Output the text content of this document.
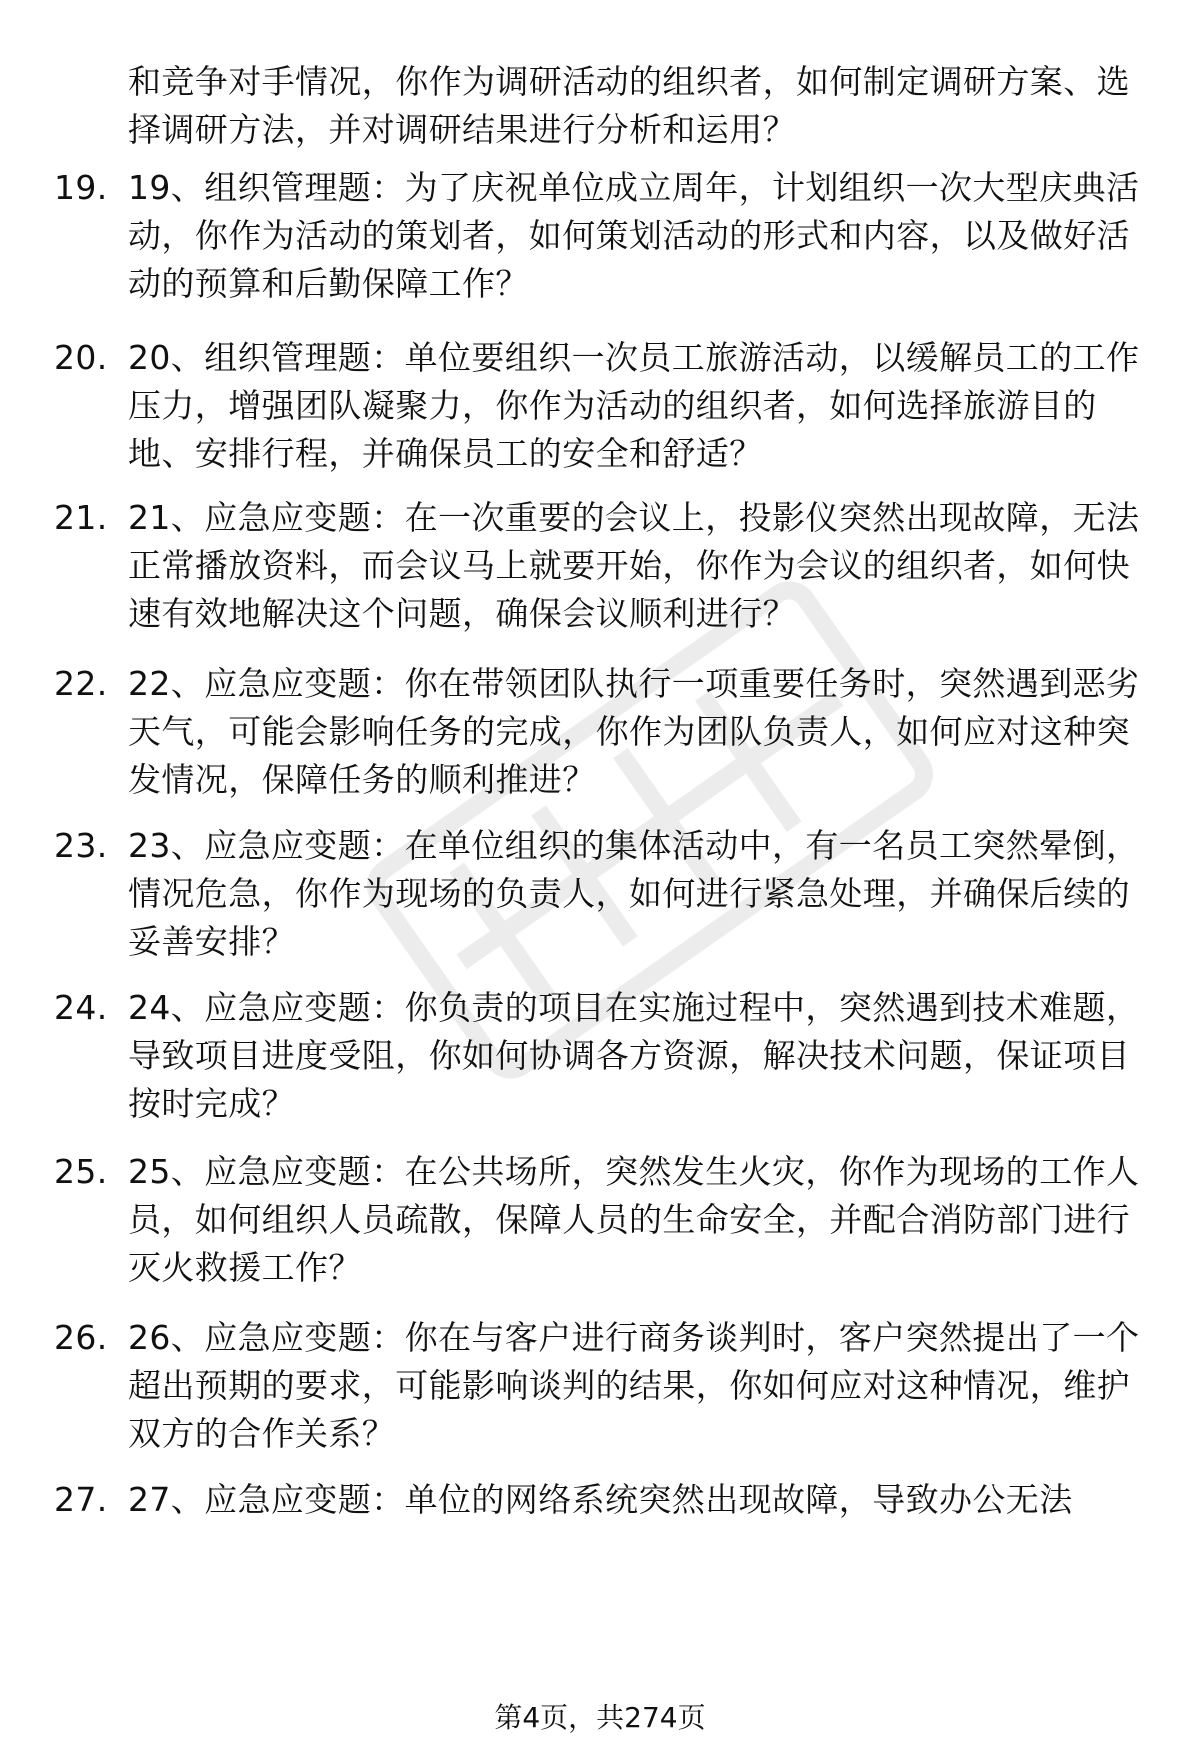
和竞争对手情况，你作为调研活动的组织者，如何制定调研方案、选择调研方法，并对调研结果进行分析和运用？
19. 19、组织管理题：为了庆祝单位成立周年，计划组织一次大型庆典活动，你作为活动的策划者，如何策划活动的形式和内容，以及做好活动的预算和后勤保障工作？
20. 20、组织管理题：单位要组织一次员工旅游活动，以缓解员工的工作压力，增强团队凝聚力，你作为活动的组织者，如何选择旅游目的地、安排行程，并确保员工的安全和舒适？
21. 21、应急应变题：在一次重要的会议上，投影仪突然出现故障，无法正常播放资料，而会议马上就要开始，你作为会议的组织者，如何快速有效地解决这个问题，确保会议顺利进行？
22. 22、应急应变题：你在带领团队执行一项重要任务时，突然遇到恶劣天气，可能会影响任务的完成，你作为团队负责人，如何应对这种突发情况，保障任务的顺利推进？
23. 23、应急应变题：在单位组织的集体活动中，有一名员工突然晕倒，情况危急，你作为现场的负责人，如何进行紧急处理，并确保后续的妥善安排？
24. 24、应急应变题：你负责的项目在实施过程中，突然遇到技术难题，导致项目进度受阻，你如何协调各方资源，解决技术问题，保证项目按时完成？
25. 25、应急应变题：在公共场所，突然发生火灾，你作为现场的工作人员，如何组织人员疏散，保障人员的生命安全，并配合消防部门进行灭火救援工作？
26. 26、应急应变题：你在与客户进行商务谈判时，客户突然提出了一个超出预期的要求，可能影响谈判的结果，你如何应对这种情况，维护双方的合作关系？
27. 27、应急应变题：单位的网络系统突然出现故障，导致办公无法
第4页，共274页
